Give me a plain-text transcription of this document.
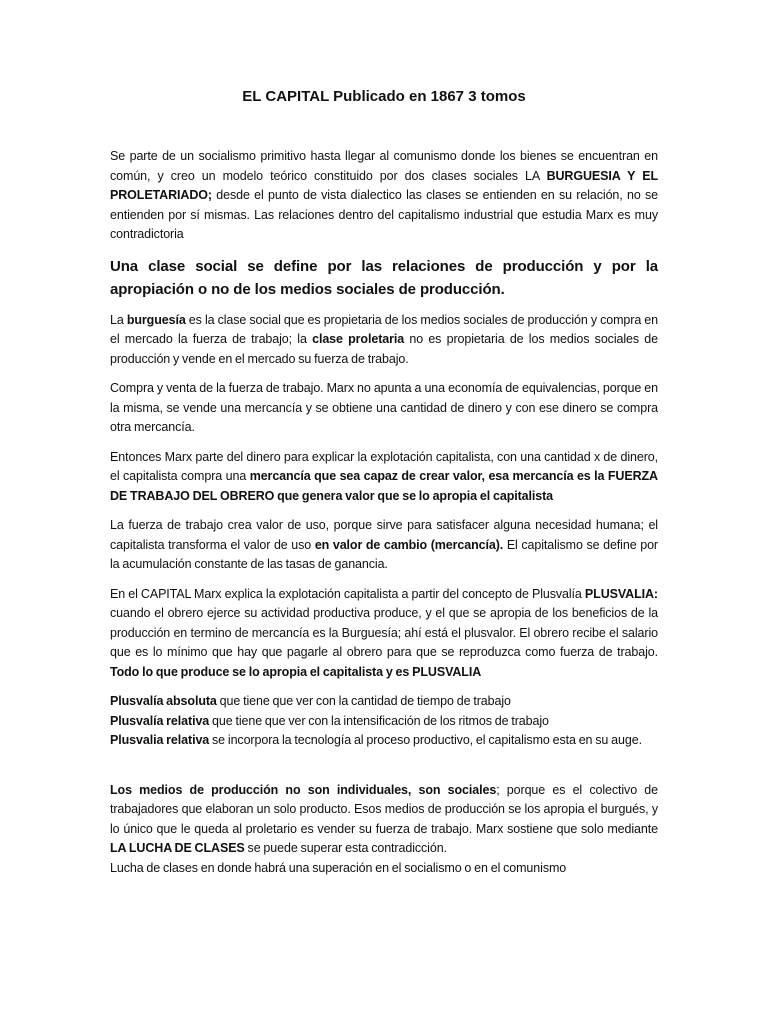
EL CAPITAL Publicado en 1867 3 tomos

Se parte de un socialismo primitivo hasta llegar al comunismo donde los bienes se encuentran en común, y creo un modelo teórico constituido por dos clases sociales LA BURGUESIA Y EL PROLETARIADO; desde el punto de vista dialectico las clases se entienden en su relación, no se entienden por sí mismas. Las relaciones dentro del capitalismo industrial que estudia Marx es muy contradictoria

Una clase social se define por las relaciones de producción y por la apropiación o no de los medios sociales de producción.

La burguesía es la clase social que es propietaria de los medios sociales de producción y compra en el mercado la fuerza de trabajo; la clase proletaria no es propietaria de los medios sociales de producción y vende en el mercado su fuerza de trabajo.

Compra y venta de la fuerza de trabajo. Marx no apunta a una economía de equivalencias, porque en la misma, se vende una mercancía y se obtiene una cantidad de dinero y con ese dinero se compra otra mercancía.

Entonces Marx parte del dinero para explicar la explotación capitalista, con una cantidad x de dinero, el capitalista compra una mercancía que sea capaz de crear valor, esa mercancía es la FUERZA DE TRABAJO DEL OBRERO que genera valor que se lo apropia el capitalista

La fuerza de trabajo crea valor de uso, porque sirve para satisfacer alguna necesidad humana; el capitalista transforma el valor de uso en valor de cambio (mercancía). El capitalismo se define por la acumulación constante de las tasas de ganancia.

En el CAPITAL Marx explica la explotación capitalista a partir del concepto de Plusvalía PLUSVALIA: cuando el obrero ejerce su actividad productiva produce, y el que se apropia de los beneficios de la producción en termino de mercancía es la Burguesía; ahí está el plusvalor. El obrero recibe el salario que es lo mínimo que hay que pagarle al obrero para que se reproduzca como fuerza de trabajo. Todo lo que produce se lo apropia el capitalista y es PLUSVALIA

Plusvalía absoluta que tiene que ver con la cantidad de tiempo de trabajo
Plusvalía relativa que tiene que ver con la intensificación de los ritmos de trabajo
Plusvalia relativa se incorpora la tecnología al proceso productivo, el capitalismo esta en su auge.

Los medios de producción no son individuales, son sociales; porque es el colectivo de trabajadores que elaboran un solo producto. Esos medios de producción se los apropia el burgués, y lo único que le queda al proletario es vender su fuerza de trabajo. Marx sostiene que solo mediante LA LUCHA DE CLASES se puede superar esta contradicción.
Lucha de clases en donde habrá una superación en el socialismo o en el comunismo
